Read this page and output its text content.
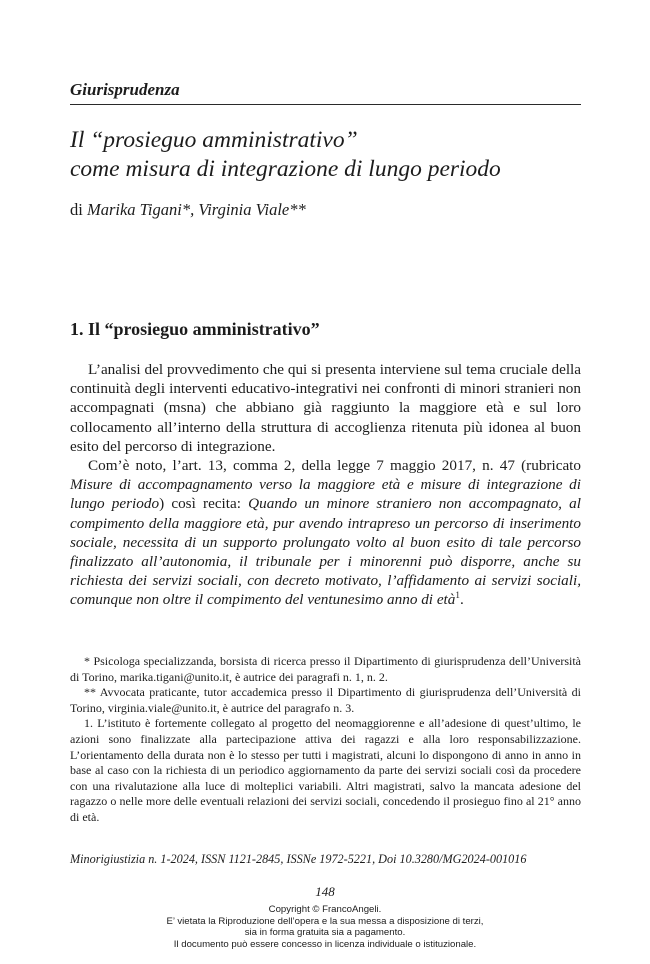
Giurisprudenza
Il “prosieguo amministrativo”
come misura di integrazione di lungo periodo
di Marika Tigani*, Virginia Viale**
1. Il “prosieguo amministrativo”

L’analisi del provvedimento che qui si presenta interviene sul tema cruciale della continuità degli interventi educativo-integrativi nei confronti di minori stranieri non accompagnati (msna) che abbiano già raggiunto la maggiore età e sul loro collocamento all’interno della struttura di accoglienza ritenuta più idonea al buon esito del percorso di integrazione.

Com’è noto, l’art. 13, comma 2, della legge 7 maggio 2017, n. 47 (rubricato Misure di accompagnamento verso la maggiore età e misure di integrazione di lungo periodo) così recita: Quando un minore straniero non accompagnato, al compimento della maggiore età, pur avendo intrapreso un percorso di inserimento sociale, necessita di un supporto prolungato volto al buon esito di tale percorso finalizzato all’autonomia, il tribunale per i minorenni può disporre, anche su richiesta dei servizi sociali, con decreto motivato, l’affidamento ai servizi sociali, comunque non oltre il compimento del ventunesimo anno di età$^1$.

* Psicologa specializzanda, borsista di ricerca presso il Dipartimento di giurisprudenza dell’Università di Torino, marika.tigani@unito.it, è autrice dei paragrafi n. 1, n. 2.

** Avvocata praticante, tutor accademica presso il Dipartimento di giurisprudenza dell’Università di Torino, virginia.viale@unito.it, è autrice del paragrafo n. 3.

1. L’istituto è fortemente collegato al progetto del neomaggiorenne e all’adesione di quest’ultimo, le azioni sono finalizzate alla partecipazione attiva dei ragazzi e alla loro responsabilizzazione. L’orientamento della durata non è lo stesso per tutti i magistrati, alcuni lo dispongono di anno in anno in base al caso con la richiesta di un periodico aggiornamento da parte dei servizi sociali così da procedere con una rivalutazione alla luce di molteplici variabili. Altri magistrati, salvo la mancata adesione del ragazzo o nelle more delle eventuali relazioni dei servizi sociali, concedendo il prosieguo fino al 21° anno di età.

Minorigiustizia n. 1-2024, ISSN 1121-2845, ISSNe 1972-5221, Doi 10.3280/MG2024-001016
148
Copyright © FrancoAngeli.
E’ vietata la Riproduzione dell’opera e la sua messa a disposizione di terzi,
sia in forma gratuita sia a pagamento.
Il documento può essere concesso in licenza individuale o istituzionale.
